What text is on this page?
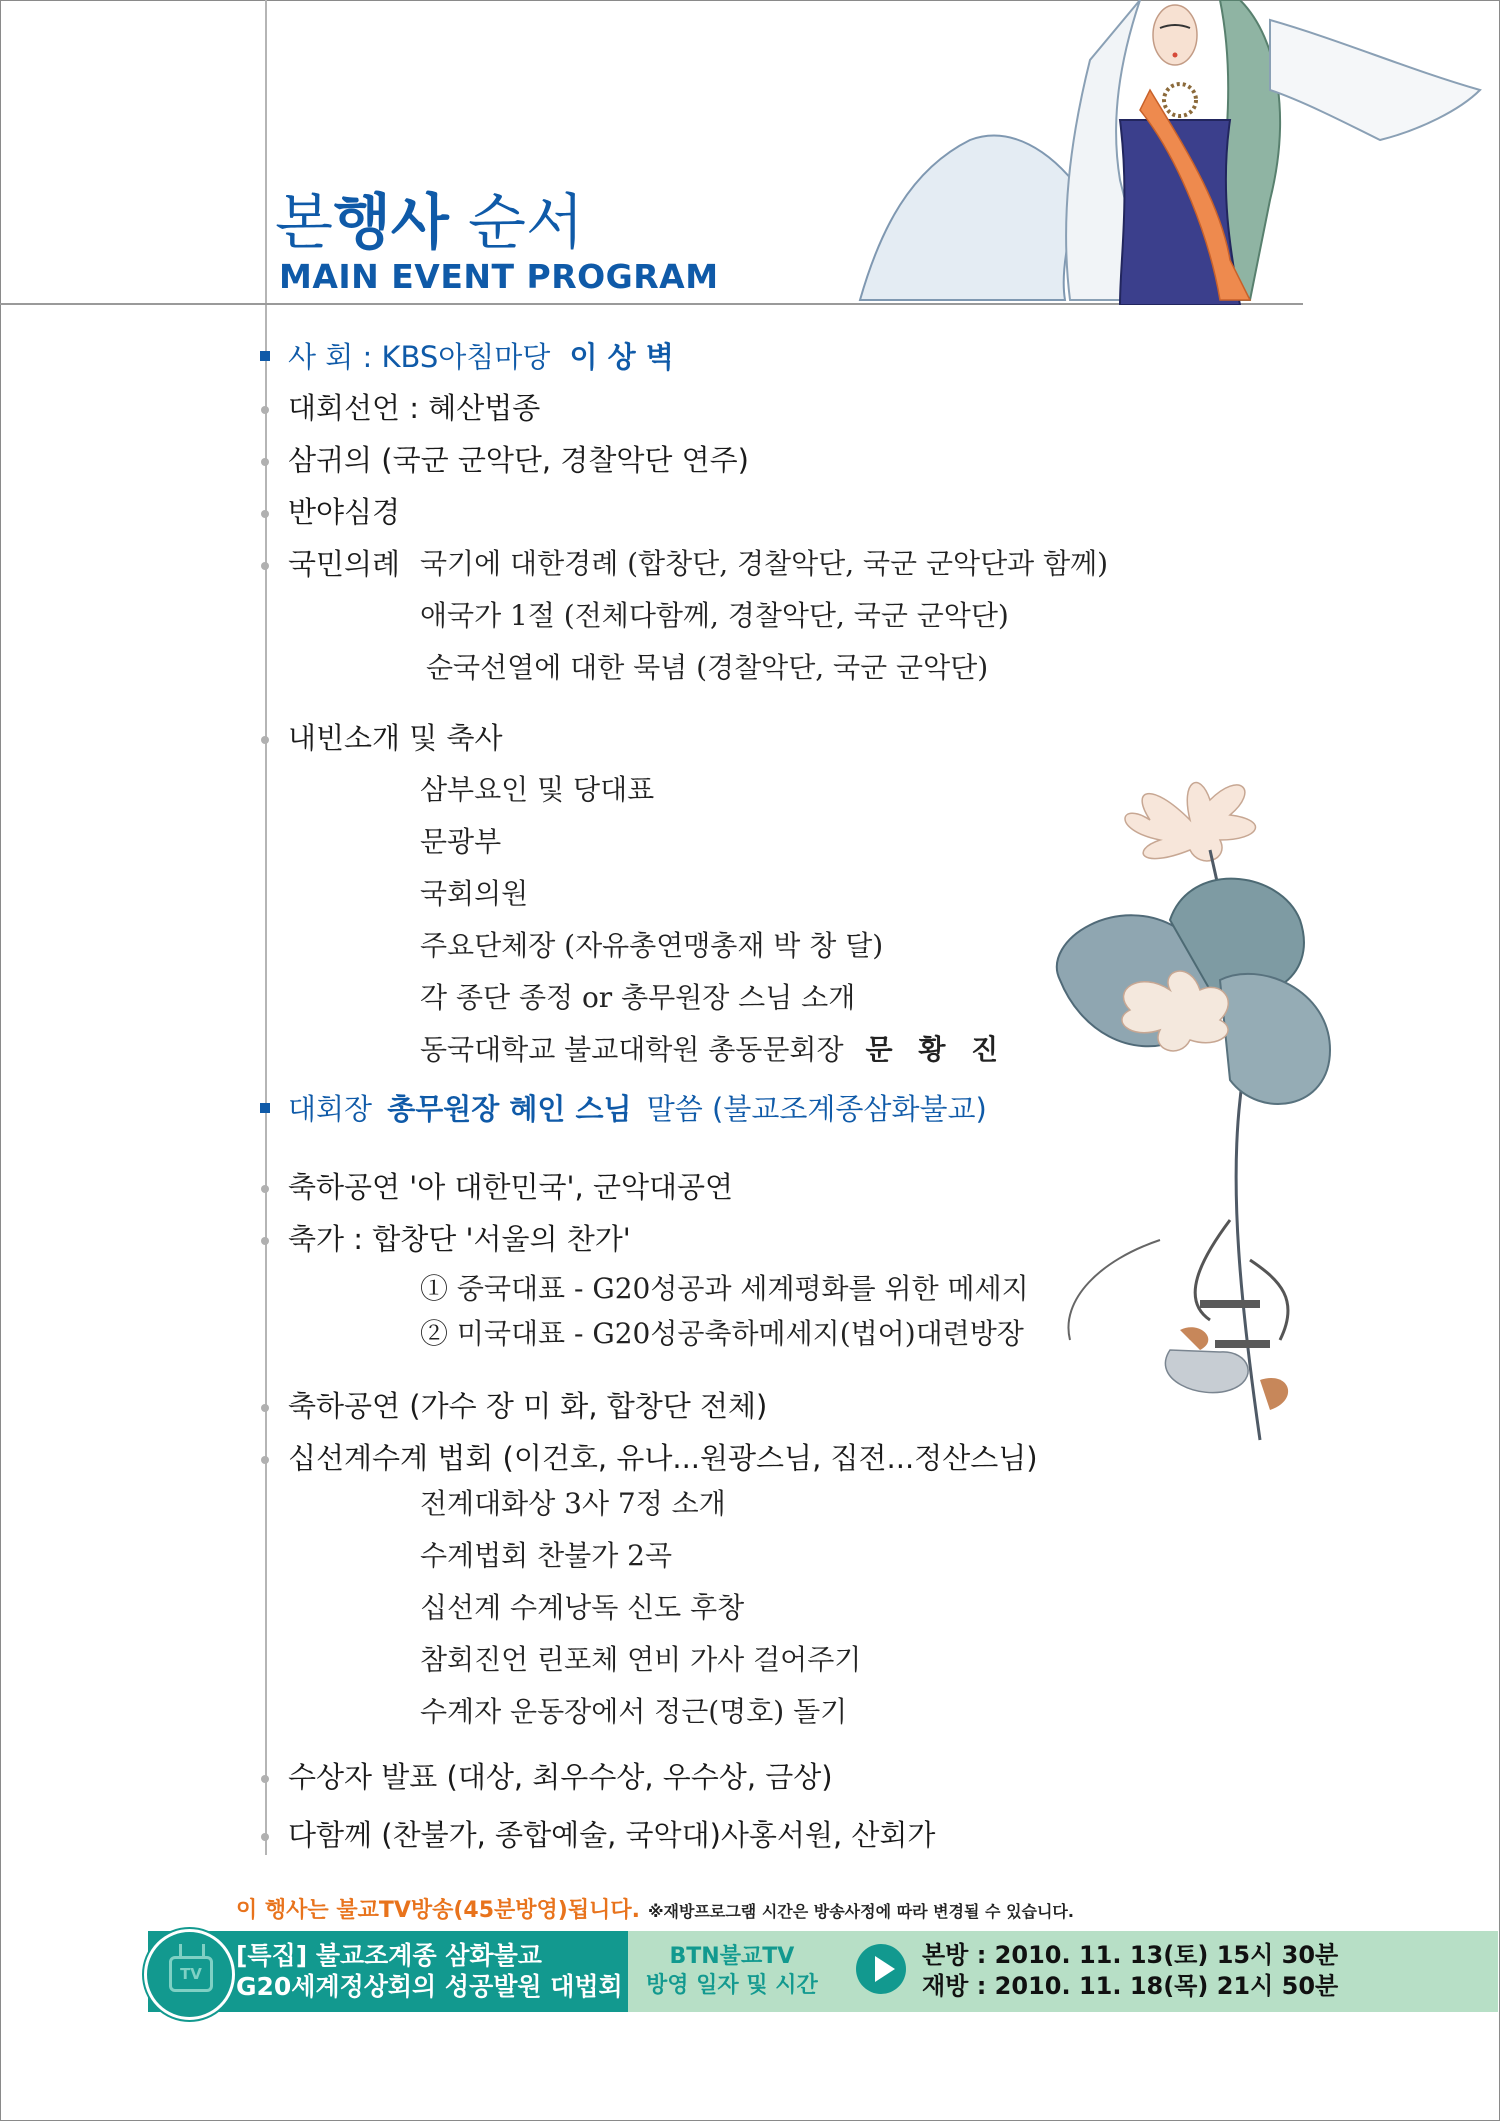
본행사 순서
MAIN EVENT PROGRAM
사 회 : KBS아침마당 이 상 벽
대회선언 : 혜산법종
삼귀의 (국군 군악단, 경찰악단 연주)
반야심경
국민의례 국기에 대한경례 (합창단, 경찰악단, 국군 군악단과 함께)
애국가 1절 (전체다함께, 경찰악단, 국군 군악단)
순국선열에 대한 묵념 (경찰악단, 국군 군악단)
내빈소개 및 축사
삼부요인 및 당대표
문광부
국회의원
주요단체장 (자유총연맹총재 박 창 달)
각 종단 종정 or 총무원장 스님 소개
동국대학교 불교대학원 총동문회장 문 황 진
대회장 총무원장 혜인 스님 말씀 (불교조계종삼화불교)
축하공연 '아 대한민국', 군악대공연
축가 : 합창단 '서울의 찬가'
① 중국대표 - G20성공과 세계평화를 위한 메세지
② 미국대표 - G20성공축하메세지(법어)대련방장
축하공연 (가수 장 미 화, 합창단 전체)
십선계수계 법회 (이건호, 유나...원광스님, 집전...정산스님)
전계대화상 3사 7정 소개
수계법회 찬불가 2곡
십선계 수계낭독 신도 후창
참회진언 린포체 연비 가사 걸어주기
수계자 운동장에서 정근(명호) 돌기
수상자 발표 (대상, 최우수상, 우수상, 금상)
다함께 (찬불가, 종합예술, 국악대)사홍서원, 산회가
이 행사는 불교TV방송(45분방영)됩니다. ※재방프로그램 시간은 방송사정에 따라 변경될 수 있습니다.
TV
[특집] 불교조계종 삼화불교
G20세계정상회의 성공발원 대법회
BTN불교TV
방영 일자 및 시간
본방 : 2010. 11. 13(토) 15시 30분
재방 : 2010. 11. 18(목) 21시 50분
